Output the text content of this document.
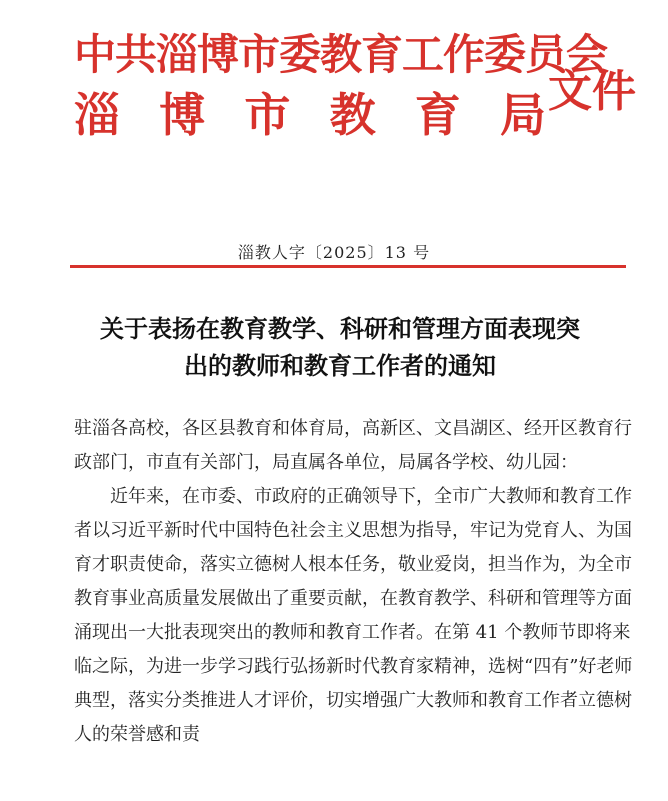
中共淄博市委教育工作委员会
淄 博 市 教 育 局 文件
淄教人字〔2025〕13 号
关于表扬在教育教学、科研和管理方面表现突
出的教师和教育工作者的通知

驻淄各高校，各区县教育和体育局，高新区、文昌湖区、经开区教育行政部门，市直有关部门，局直属各单位，局属各学校、幼儿园：

近年来，在市委、市政府的正确领导下，全市广大教师和教育工作者以习近平新时代中国特色社会主义思想为指导，牢记为党育人、为国育才职责使命，落实立德树人根本任务，敬业爱岗，担当作为，为全市教育事业高质量发展做出了重要贡献，在教育教学、科研和管理等方面涌现出一大批表现突出的教师和教育工作者。在第 41 个教师节即将来临之际，为进一步学习践行弘扬新时代教育家精神，选树“四有”好老师典型，落实分类推进人才评价，切实增强广大教师和教育工作者立德树人的荣誉感和责
